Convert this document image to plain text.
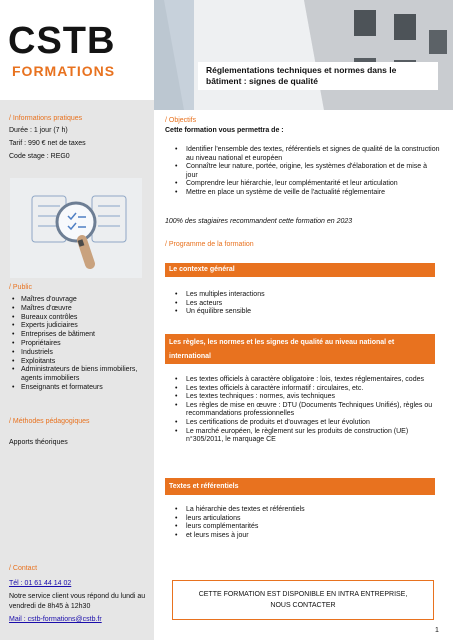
CSTB
FORMATIONS
/ Informations pratiques
Durée : 1 jour (7 h)
Tarif : 990 € net de taxes
Code stage : REG0
/ Public
• Maîtres d'ouvrage
• Maîtres d'œuvre
• Bureaux contrôles
• Experts judiciaires
• Entreprises de bâtiment
• Propriétaires
• Industriels
• Exploitants
• Administrateurs de biens immobiliers, agents immobiliers
• Enseignants et formateurs
/ Méthodes pédagogiques
Apports théoriques
/ Contact
Tél : 01 61 44 14 02
Notre service client vous répond du lundi au vendredi de 8h45 à 12h30
Mail : cstb-formations@cstb.fr
Réglementations techniques et normes dans le
bâtiment : signes de qualité
/ Objectifs
Cette formation vous permettra de :
• Identifier l'ensemble des textes, référentiels et signes de qualité de la construction au niveau national et européen
• Connaître leur nature, portée, origine, les systèmes d'élaboration et de mise à jour
• Comprendre leur hiérarchie, leur complémentarité et leur articulation
• Mettre en place un système de veille de l'actualité réglementaire
100% des stagiaires recommandent cette formation en 2023
/ Programme de la formation
Le contexte général
• Les multiples interactions
• Les acteurs
• Un équilibre sensible
Les règles, les normes et les signes de qualité au niveau national et international
• Les textes officiels à caractère obligatoire : lois, textes réglementaires, codes
• Les textes officiels à caractère informatif : circulaires, etc.
• Les textes techniques : normes, avis techniques
• Les règles de mise en œuvre : DTU (Documents Techniques Unifiés), règles ou recommandations professionnelles
• Les certifications de produits et d'ouvrages et leur évolution
• Le marché européen, le règlement sur les produits de construction (UE) n°305/2011, le marquage CE
Textes et référentiels
• La hiérarchie des textes et référentiels
• leurs articulations
• leurs complémentarités
• et leurs mises à jour
CETTE FORMATION EST DISPONIBLE EN INTRA ENTREPRISE,
NOUS CONTACTER
1
